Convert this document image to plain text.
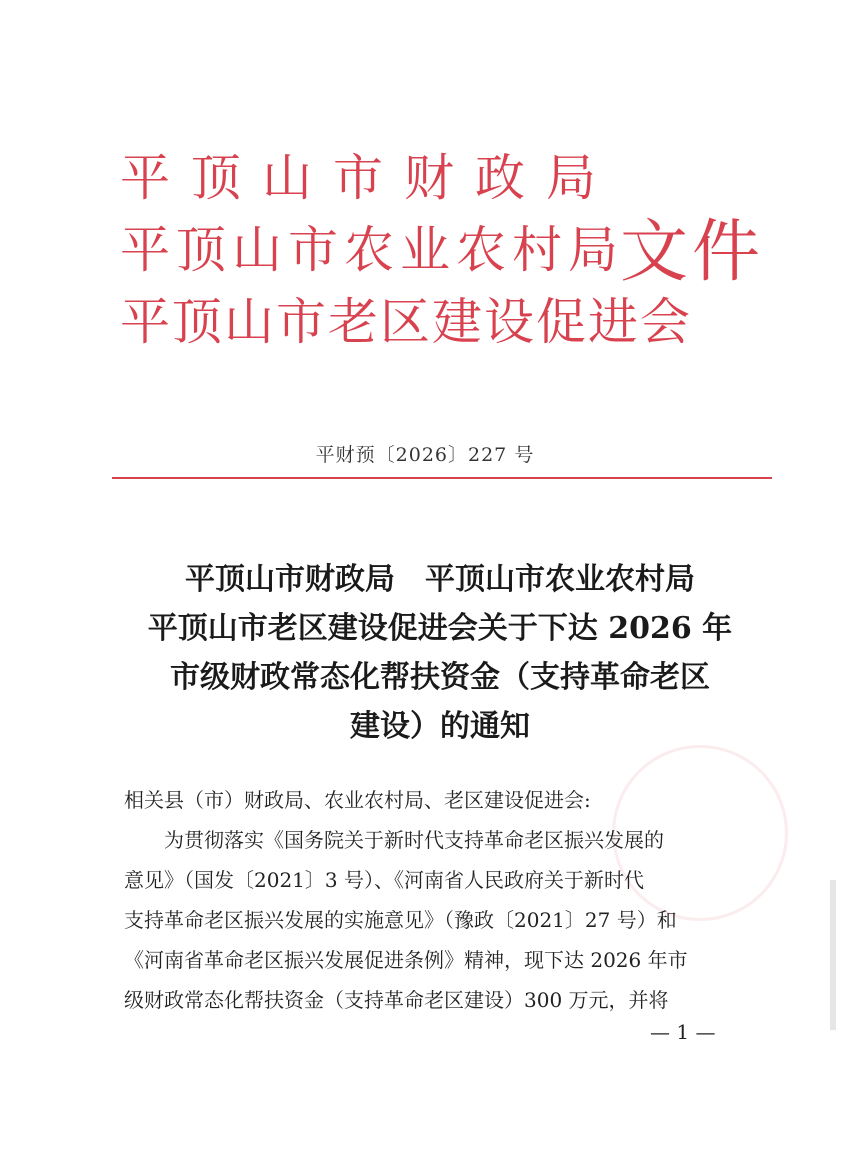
平顶山市财政局
平顶山市农业农村局
平顶山市老区建设促进会
文件
平财预〔2026〕227 号
平顶山市财政局　平顶山市农业农村局
平顶山市老区建设促进会关于下达 2026 年
市级财政常态化帮扶资金（支持革命老区
建设）的通知

相关县（市）财政局、农业农村局、老区建设促进会:

为贯彻落实《国务院关于新时代支持革命老区振兴发展的

意见》（国发〔2021〕3 号）、《河南省人民政府关于新时代

支持革命老区振兴发展的实施意见》（豫政〔2021〕27 号）和

《河南省革命老区振兴发展促进条例》精神，现下达 2026 年市

级财政常态化帮扶资金（支持革命老区建设）300 万元，并将

— 1 —
